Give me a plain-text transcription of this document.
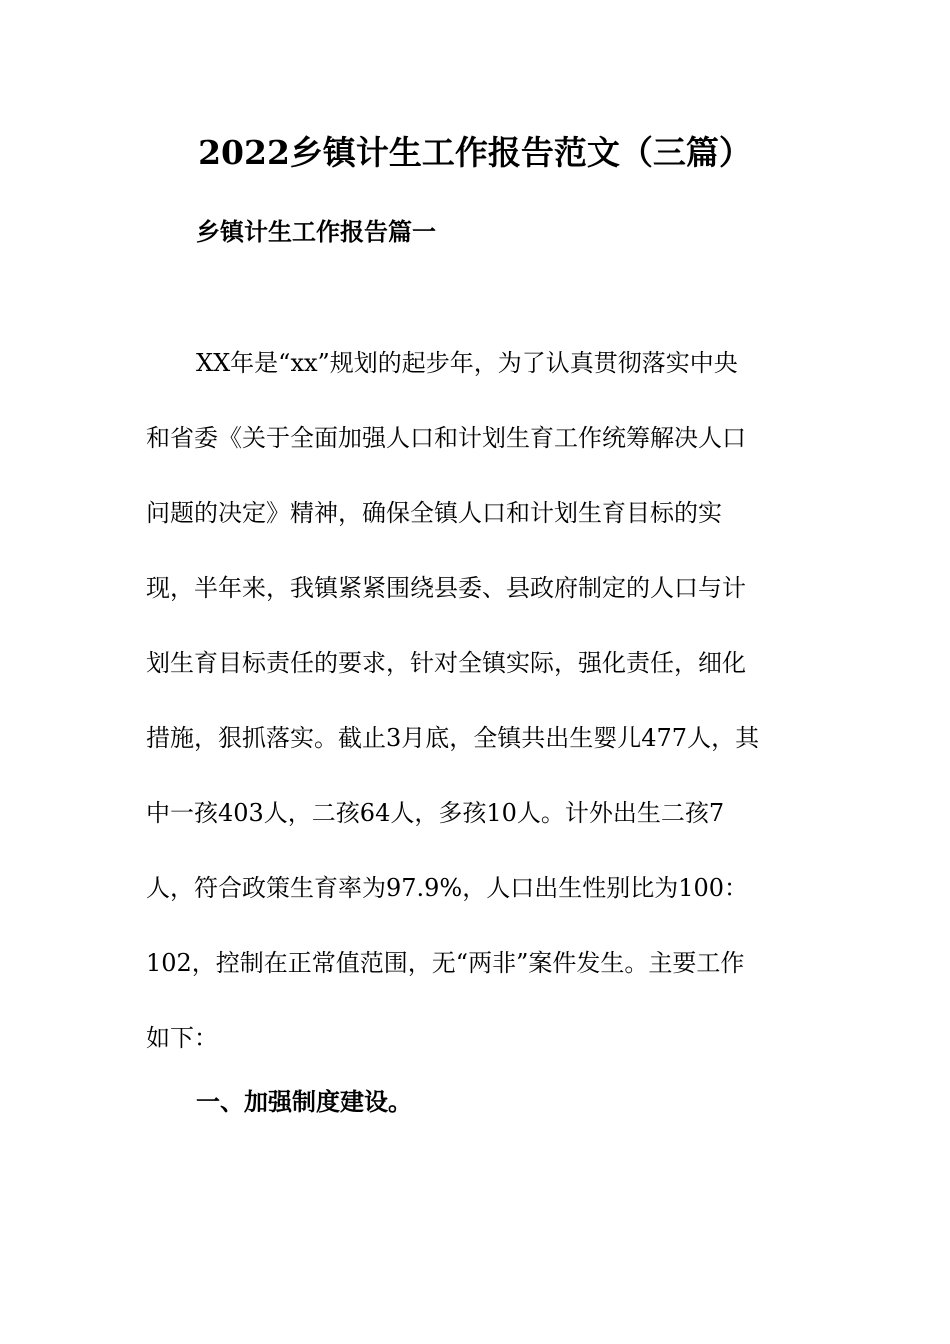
2022乡镇计生工作报告范文（三篇）
乡镇计生工作报告篇一
XX年是“xx”规划的起步年，为了认真贯彻落实中央
和省委《关于全面加强人口和计划生育工作统筹解决人口
问题的决定》精神，确保全镇人口和计划生育目标的实
现，半年来，我镇紧紧围绕县委、县政府制定的人口与计
划生育目标责任的要求，针对全镇实际，强化责任，细化
措施，狠抓落实。截止3月底，全镇共出生婴儿477人，其
中一孩403人，二孩64人，多孩10人。计外出生二孩7
人，符合政策生育率为97.9%，人口出生性别比为100：
102，控制在正常值范围，无“两非”案件发生。主要工作
如下：
一、加强制度建设。
